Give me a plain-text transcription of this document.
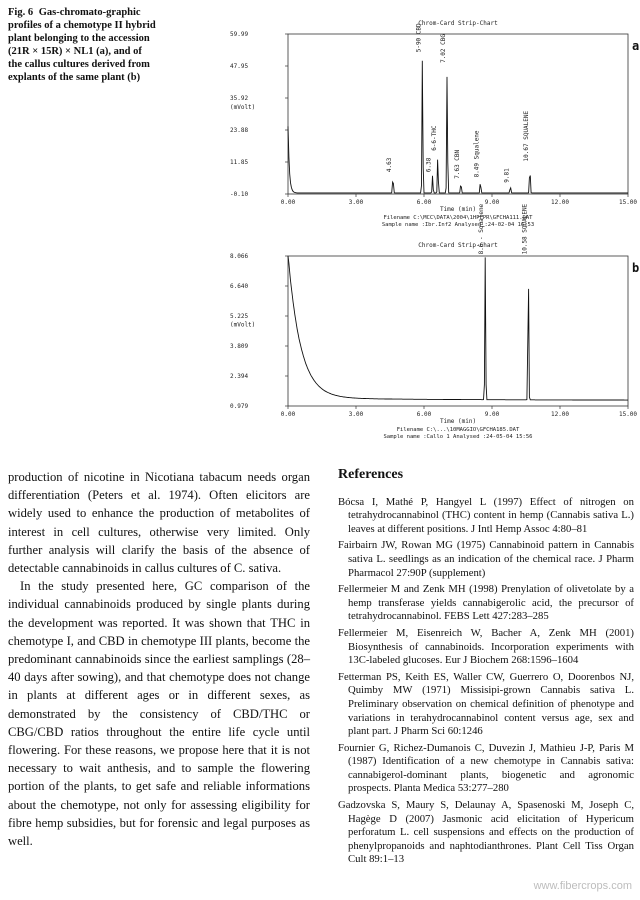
Fig. 6 Gas-chromato-graphic profiles of a chemotype II hybrid plant belonging to the accession (21R × 15R) × NL1 (a), and of the callus cultures derived from explants of the same plant (b)
Chrom-Card Strip-Chart
a
59.99
47.95
35.92
23.88
11.85
-0.10
(mVolt)
0.00	3.00	6.00	9.00	12.00	15.00
Time (min)
4.63
5-90 CBD
6.38
6-6-THC
7.02 CBG
7.63 CBN 8.49 Squalene	9.81
10.67 SQUALENE
Filename C:\MCC\DATA\2004\1HPFPR\GFCHA111.DAT
Sample name :Ibr.Inf2 Analysed :24-02-04 16:53
Chrom-Card Strip-Chart
b
8.066
6.640
5.225
3.809
2.394
0.979
(mVolt)
0.00	3.00	6.00	9.00	12.00	15.00
Time (min)
8.6 - Squalene	10.58 SQUALENE
Filename C:\...\10MAGGIO\GFCHA185.DAT
Sample name :Callo 1 Analysed :24-05-04 15:56

production of nicotine in Nicotiana tabacum needs organ differentiation (Peters et al. 1974). Often elicitors are widely used to enhance the production of metabolites of interest in cell cultures, otherwise very limited. Only further analysis will clarify the basis of the absence of detectable cannabinoids in callus cultures of C. sativa.

In the study presented here, GC comparison of the individual cannabinoids produced by single plants during the development was reported. It was shown that THC in chemotype I, and CBD in chemotype III plants, become the predominant cannabinoids since the earliest samplings (28–40 days after sowing), and that chemotype does not change in plants at different ages or in different sexes, as demonstrated by the consistency of CBD/THC or CBG/CBD ratios throughout the entire life cycle until flowering. For these reasons, we propose here that it is not necessary to wait anthesis, and to sample the flowering portion of the plants, to get safe and reliable informations about the chemotype, not only for assessing eligibility for fibre hemp subsidies, but for forensic and legal purposes as well.

References
Bócsa I, Mathé P, Hangyel L (1997) Effect of nitrogen on tetrahydrocannabinol (THC) content in hemp (Cannabis sativa L.) leaves at different positions. J Intl Hemp Assoc 4:80–81
Fairbairn JW, Rowan MG (1975) Cannabinoid pattern in Cannabis sativa L. seedlings as an indication of the chemical race. J Pharm Pharmacol 27:90P (supplement)
Fellermeier M and Zenk MH (1998) Prenylation of olivetolate by a hemp transferase yields cannabigerolic acid, the precursor of tetrahydrocannabinol. FEBS Lett 427:283–285
Fellermeier M, Eisenreich W, Bacher A, Zenk MH (2001) Biosynthesis of cannabinoids. Incorporation experiments with 13C-labeled glucoses. Eur J Biochem 268:1596–1604
Fetterman PS, Keith ES, Waller CW, Guerrero O, Doorenbos NJ, Quimby MW (1971) Missisipi-grown Cannabis sativa L. Preliminary observation on chemical definition of phenotype and variations in terahydrocannabinol content versus age, sex and plant part. J Pharm Sci 60:1246
Fournier G, Richez-Dumanois C, Duvezin J, Mathieu J-P, Paris M (1987) Identification of a new chemotype in Cannabis sativa: cannabigerol-dominant plants, biogenetic and agronomic prospects. Planta Medica 53:277–280
Gadzovska S, Maury S, Delaunay A, Spasenoski M, Joseph C, Hagège D (2007) Jasmonic acid elicitation of Hypericum perforatum L. cell suspensions and effects on the production of phenylpropanoids and naphtodianthrones. Plant Cell Tiss Organ Cult 89:1–13
www.fibercrops.com
